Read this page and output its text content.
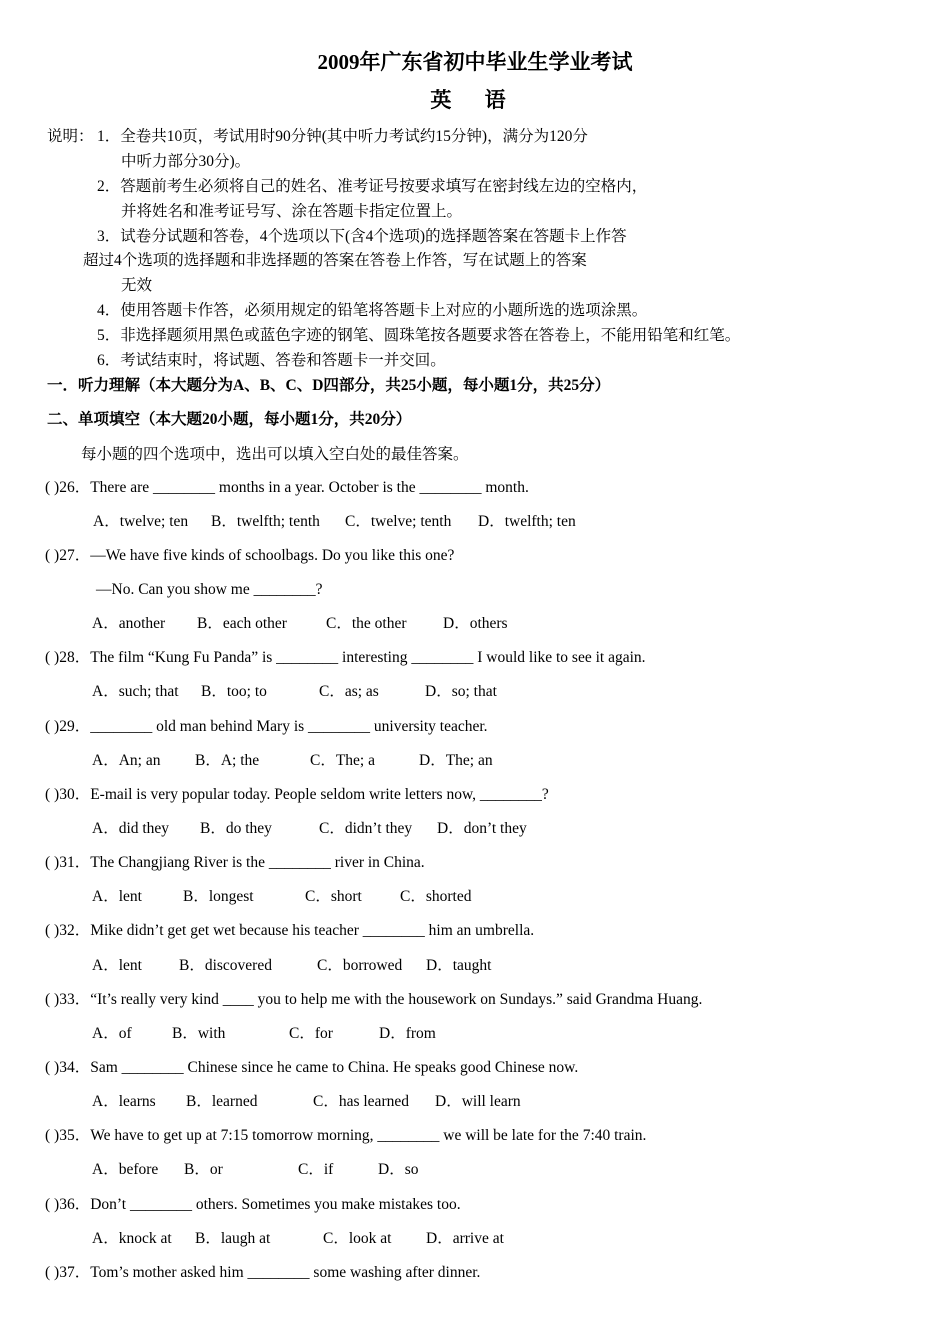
2009年广东省初中毕业生学业考试
英 语
说明： 1．全卷共10页，考试用时90分钟(其中听力考试约15分钟)，满分为120分
中听力部分30分)。
2．答题前考生必须将自己的姓名、准考证号按要求填写在密封线左边的空格内，
并将姓名和准考证号写、涂在答题卡指定位置上。
3．试卷分试题和答卷，4个选项以下(含4个选项)的选择题答案在答题卡上作答
超过4个选项的选择题和非选择题的答案在答卷上作答，写在试题上的答案
无效
4．使用答题卡作答，必须用规定的铅笔将答题卡上对应的小题所选的选项涂黑。
5．非选择题须用黑色或蓝色字迹的钢笔、圆珠笔按各题要求答在答卷上，不能用铅笔和红笔。
6．考试结束时，将试题、答卷和答题卡一并交回。
一．听力理解（本大题分为A、B、C、D四部分，共25小题，每小题1分，共25分）
二、单项填空（本大题20小题，每小题1分，共20分）
每小题的四个选项中，选出可以填入空白处的最佳答案。
( )26．There are ________ months in a year. October is the ________ month.
A．twelve; ten B．twelfth; tenth C．twelve; tenth D．twelfth; ten
( )27．—We have five kinds of schoolbags. Do you like this one?
—No. Can you show me ________?
A．another B．each other	C．the other D．others
( )28．The film “Kung Fu Panda” is ________ interesting ________ I would like to see it again.
A．such; that B．too; to	C．as; as	D．so; that
( )29．________ old man behind Mary is ________ university teacher.
A．An; an B．A; the	C．The; a	D．The; an
( )30．E-mail is very popular today. People seldom write letters now, ________?
A．did they B．do they	C．didn’t they D．don’t they
( )31．The Changjiang River is the ________ river in China.
A．lent	B．longest	C．short C．shorted
( )32．Mike didn’t get get wet because his teacher ________ him an umbrella.
A．lent B．discovered	C．borrowed D．taught
( )33．“It’s really very kind ____ you to help me with the housework on Sundays.” said Grandma Huang.
A．of	B．with	C．for	D．from
( )34．Sam ________ Chinese since he came to China. He speaks good Chinese now.
A．learns B．learned	C．has learned D．will learn
( )35．We have to get up at 7:15 tomorrow morning, ________ we will be late for the 7:40 train.
A．before B．or	C．if	D．so
( )36．Don’t ________ others. Sometimes you make mistakes too.
A．knock at B．laugh at	C．look at D．arrive at
( )37．Tom’s mother asked him ________ some washing after dinner.
